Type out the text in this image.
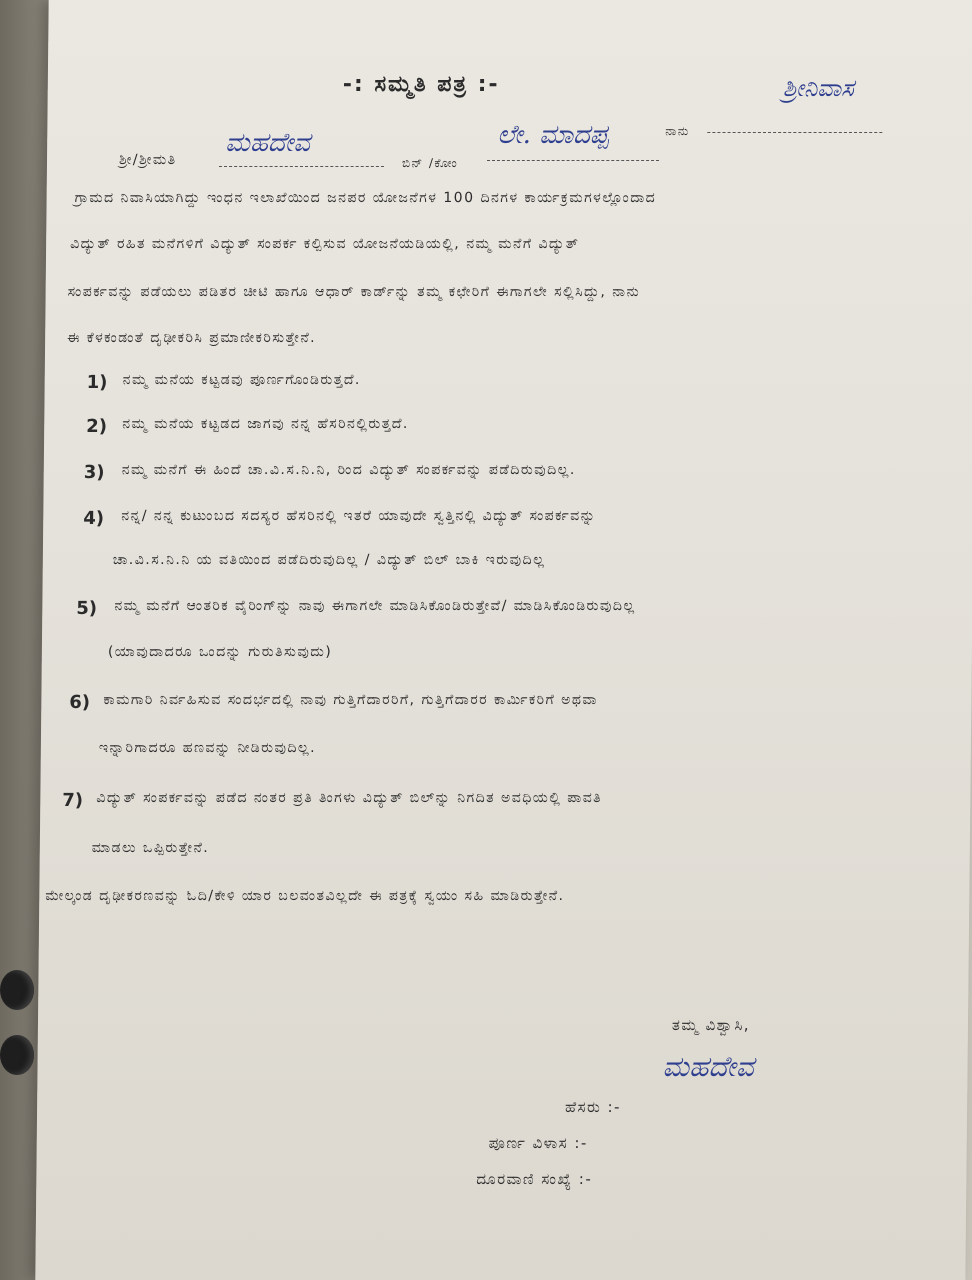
-: ಸಮ್ಮತಿ ಪತ್ರ :-
ಶ್ರೀ/ಶ್ರೀಮತಿ
ಮಹದೇವ
ಬಿನ್ /ಕೋಂ
ಲೇ. ಮಾದಪ್ಪ	ನಾನು
ಶ್ರೀನಿವಾಸ
ಗ್ರಾಮದ ನಿವಾಸಿಯಾಗಿದ್ದು ಇಂಧನ ಇಲಾಖೆಯಿಂದ ಜನಪರ ಯೋಜನೆಗಳ 100 ದಿನಗಳ ಕಾರ್ಯಕ್ರಮಗಳಲ್ಲೊಂದಾದ
ವಿದ್ಯುತ್ ರಹಿತ ಮನೆಗಳಿಗೆ ವಿದ್ಯುತ್ ಸಂಪರ್ಕ ಕಲ್ಪಿಸುವ ಯೋಜನೆಯಡಿಯಲ್ಲಿ, ನಮ್ಮ ಮನೆಗೆ ವಿದ್ಯುತ್
ಸಂಪರ್ಕವನ್ನು ಪಡೆಯಲು ಪಡಿತರ ಚೀಟಿ ಹಾಗೂ ಆಧಾರ್ ಕಾರ್ಡ್‌ನ್ನು ತಮ್ಮ ಕಛೇರಿಗೆ ಈಗಾಗಲೇ ಸಲ್ಲಿಸಿದ್ದು, ನಾನು
ಈ ಕೆಳಕಂಡಂತೆ ದೃಢೀಕರಿಸಿ ಪ್ರಮಾಣೀಕರಿಸುತ್ತೇನೆ.
1) ನಮ್ಮ ಮನೆಯ ಕಟ್ಟಡವು ಪೂರ್ಣಗೊಂಡಿರುತ್ತದೆ.
2) ನಮ್ಮ ಮನೆಯ ಕಟ್ಟಡದ ಜಾಗವು ನನ್ನ ಹೆಸರಿನಲ್ಲಿರುತ್ತದೆ.
3) ನಮ್ಮ ಮನೆಗೆ ಈ ಹಿಂದೆ ಚಾ.ವಿ.ಸ.ನಿ.ನಿ, ರಿಂದ ವಿದ್ಯುತ್ ಸಂಪರ್ಕವನ್ನು ಪಡೆದಿರುವುದಿಲ್ಲ.
4) ನನ್ನ/ ನನ್ನ ಕುಟುಂಬದ ಸದಸ್ಯರ ಹೆಸರಿನಲ್ಲಿ ಇತರೆ ಯಾವುದೇ ಸ್ವತ್ತಿನಲ್ಲಿ ವಿದ್ಯುತ್ ಸಂಪರ್ಕವನ್ನು
ಚಾ.ವಿ.ಸ.ನಿ.ನಿ ಯ ವತಿಯಿಂದ ಪಡೆದಿರುವುದಿಲ್ಲ / ವಿದ್ಯುತ್ ಬಿಲ್ ಬಾಕಿ ಇರುವುದಿಲ್ಲ
5) ನಮ್ಮ ಮನೆಗೆ ಆಂತರಿಕ ವೈರಿಂಗ್‌ನ್ನು ನಾವು ಈಗಾಗಲೇ ಮಾಡಿಸಿಕೊಂಡಿರುತ್ತೇವೆ/ ಮಾಡಿಸಿಕೊಂಡಿರುವುದಿಲ್ಲ
(ಯಾವುದಾದರೂ ಒಂದನ್ನು ಗುರುತಿಸುವುದು)
6) ಕಾಮಗಾರಿ ನಿರ್ವಹಿಸುವ ಸಂದರ್ಭದಲ್ಲಿ ನಾವು ಗುತ್ತಿಗೆದಾರರಿಗೆ, ಗುತ್ತಿಗೆದಾರರ ಕಾರ್ಮಿಕರಿಗೆ ಅಥವಾ
ಇನ್ನಾರಿಗಾದರೂ ಹಣವನ್ನು ನೀಡಿರುವುದಿಲ್ಲ.
7) ವಿದ್ಯುತ್ ಸಂಪರ್ಕವನ್ನು ಪಡೆದ ನಂತರ ಪ್ರತಿ ತಿಂಗಳು ವಿದ್ಯುತ್ ಬಿಲ್‌ನ್ನು ನಿಗದಿತ ಅವಧಿಯಲ್ಲಿ ಪಾವತಿ
ಮಾಡಲು ಒಪ್ಪಿರುತ್ತೇನೆ.
ಮೇಲ್ಕಂಡ ದೃಢೀಕರಣವನ್ನು ಓದಿ/ಕೇಳಿ ಯಾರ ಬಲವಂತವಿಲ್ಲದೇ ಈ ಪತ್ರಕ್ಕೆ ಸ್ವಯಂ ಸಹಿ ಮಾಡಿರುತ್ತೇನೆ.
ತಮ್ಮ ವಿಶ್ವಾಸಿ,
ಮಹದೇವ
ಹೆಸರು :-
ಪೂರ್ಣ ವಿಳಾಸ :-
ದೂರವಾಣಿ ಸಂಖ್ಯೆ :-
